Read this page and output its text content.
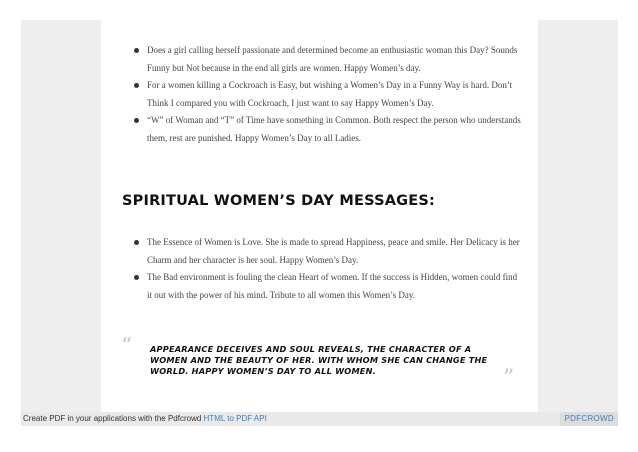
Does a girl calling herself passionate and determined become an enthusiastic woman this Day? Sounds Funny but Not because in the end all girls are women. Happy Women’s day.
For a women killing a Cockroach is Easy, but wishing a Women’s Day in a Funny Way is hard. Don’t Think I compared you with Cockroach, I just want to say Happy Women’s Day.
“W” of Woman and “T” of Time have something in Common. Both respect the person who understands them, rest are punished. Happy Women’s Day to all Ladies.
SPIRITUAL WOMEN’S DAY MESSAGES:
The Essence of Women is Love. She is made to spread Happiness, peace and smile. Her Delicacy is her Charm and her character is her soul. Happy Women’s Day.
The Bad environment is fouling the clean Heart of women. If the success is Hidden, women could find it out with the power of his mind. Tribute to all women this Women’s Day.
“ APPEARANCE DECEIVES AND SOUL REVEALS, THE CHARACTER OF A WOMEN AND THE BEAUTY OF HER. WITH WHOM SHE CAN CHANGE THE WORLD. HAPPY WOMEN’S DAY TO ALL WOMEN.	”
Create PDF in your applications with the Pdfcrowd HTML to PDF API	PDFCROWD
